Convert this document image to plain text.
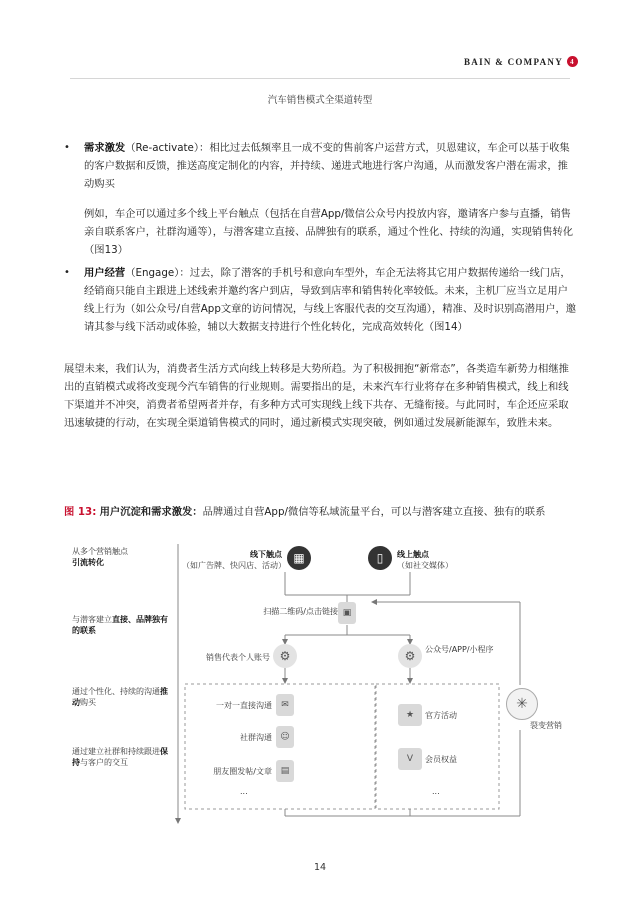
BAIN & COMPANY	4
汽车销售模式全渠道转型
• 需求激发（Re-activate）：相比过去低频率且一成不变的售前客户运营方式，贝恩建议，车企可以基于收集的客户数据和反馈，推送高度定制化的内容，并持续、递进式地进行客户沟通，从而激发客户潜在需求，推动购买
例如，车企可以通过多个线上平台触点（包括在自营App/微信公众号内投放内容，邀请客户参与直播，销售亲自联系客户，社群沟通等），与潜客建立直接、品牌独有的联系，通过个性化、持续的沟通，实现销售转化（图13）
• 用户经营（Engage）：过去，除了潜客的手机号和意向车型外，车企无法将其它用户数据传递给一线门店，经销商只能自主跟进上述线索并邀约客户到店，导致到店率和销售转化率较低。未来，主机厂应当立足用户线上行为（如公众号/自营App文章的访问情况，与线上客服代表的交互沟通），精准、及时识别高潜用户，邀请其参与线下活动或体验，辅以大数据支持进行个性化转化，完成高效转化（图14）
展望未来，我们认为，消费者生活方式向线上转移是大势所趋。为了积极拥抱“新常态”，各类造车新势力相继推出的直销模式或将改变现今汽车销售的行业规则。需要指出的是，未来汽车行业将存在多种销售模式，线上和线下渠道并不冲突，消费者希望两者并存，有多种方式可实现线上线下共存、无缝衔接。与此同时，车企还应采取迅速敏捷的行动，在实现全渠道销售模式的同时，通过新模式实现突破，例如通过发展新能源车，致胜未来。
图 13: 用户沉淀和需求激发：品牌通过自营App/微信等私域流量平台，可以与潜客建立直接、独有的联系
从多个营销触点
引流转化
与潜客建立直接、品牌独有的联系
通过个性化、持续的沟通推动购买
通过建立社群和持续跟进保持与客户的交互
线下触点
（如广告牌、快闪店、活动）
▦	▯	线上触点
（如社交媒体）
扫描二维码/点击链接 ▣
销售代表个人账号 ⚙	⚙	公众号/APP/小程序
一对一直接沟通	✉
社群沟通 ☺
朋友圈发帖/文章 ▤
...
★	官方活动
V	会员权益
...
✳
裂变营销
14
